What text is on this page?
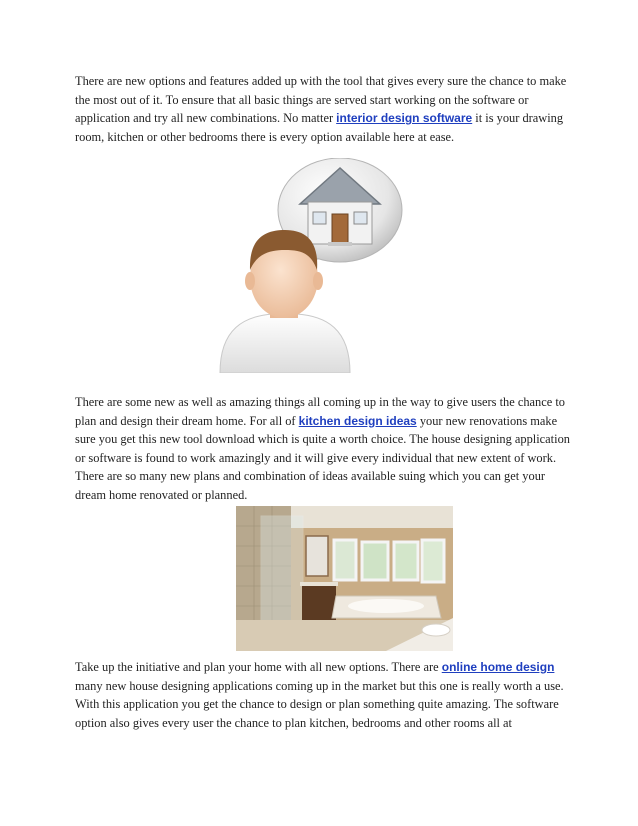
There are new options and features added up with the tool that gives every sure the chance to make the most out of it. To ensure that all basic things are served start working on the software or application and try all new combinations. No matter interior design software it is your drawing room, kitchen or other bedrooms there is every option available here at ease.

There are some new as well as amazing things all coming up in the way to give users the chance to plan and design their dream home. For all of kitchen design ideas your new renovations make sure you get this new tool download which is quite a worth choice. The house designing application or software is found to work amazingly and it will give every individual that new extent of work. There are so many new plans and combination of ideas available suing which you can get your dream home renovated or planned.

Take up the initiative and plan your home with all new options. There are online home design many new house designing applications coming up in the market but this one is really worth a use. With this application you get the chance to design or plan something quite amazing. The software option also gives every user the chance to plan kitchen, bedrooms and other rooms all at
